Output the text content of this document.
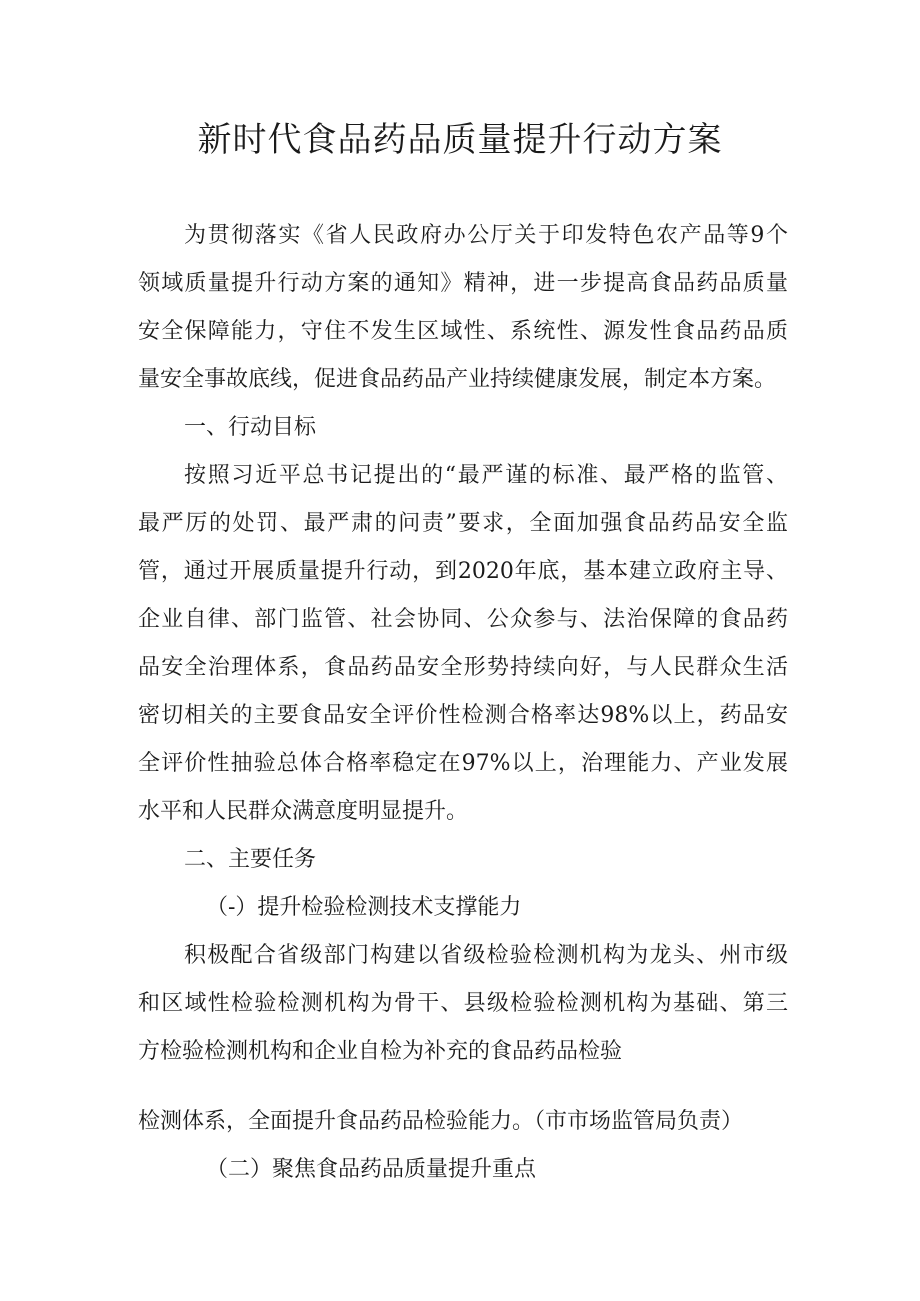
新时代食品药品质量提升行动方案
为贯彻落实《省人民政府办公厅关于印发特色农产品等9个
领域质量提升行动方案的通知》精神，进一步提高食品药品质量
安全保障能力，守住不发生区域性、系统性、源发性食品药品质
量安全事故底线，促进食品药品产业持续健康发展，制定本方案。
一、行动目标
按照习近平总书记提出的“最严谨的标准、最严格的监管、
最严厉的处罚、最严肃的问责”要求，全面加强食品药品安全监
管，通过开展质量提升行动，到2020年底，基本建立政府主导、
企业自律、部门监管、社会协同、公众参与、法治保障的食品药
品安全治理体系，食品药品安全形势持续向好，与人民群众生活
密切相关的主要食品安全评价性检测合格率达98%以上，药品安
全评价性抽验总体合格率稳定在97%以上，治理能力、产业发展
水平和人民群众满意度明显提升。
二、主要任务
（-）提升检验检测技术支撑能力
积极配合省级部门构建以省级检验检测机构为龙头、州市级
和区域性检验检测机构为骨干、县级检验检测机构为基础、第三
方检验检测机构和企业自检为补充的食品药品检验
检测体系，全面提升食品药品检验能力。（市市场监管局负责）
（二）聚焦食品药品质量提升重点
